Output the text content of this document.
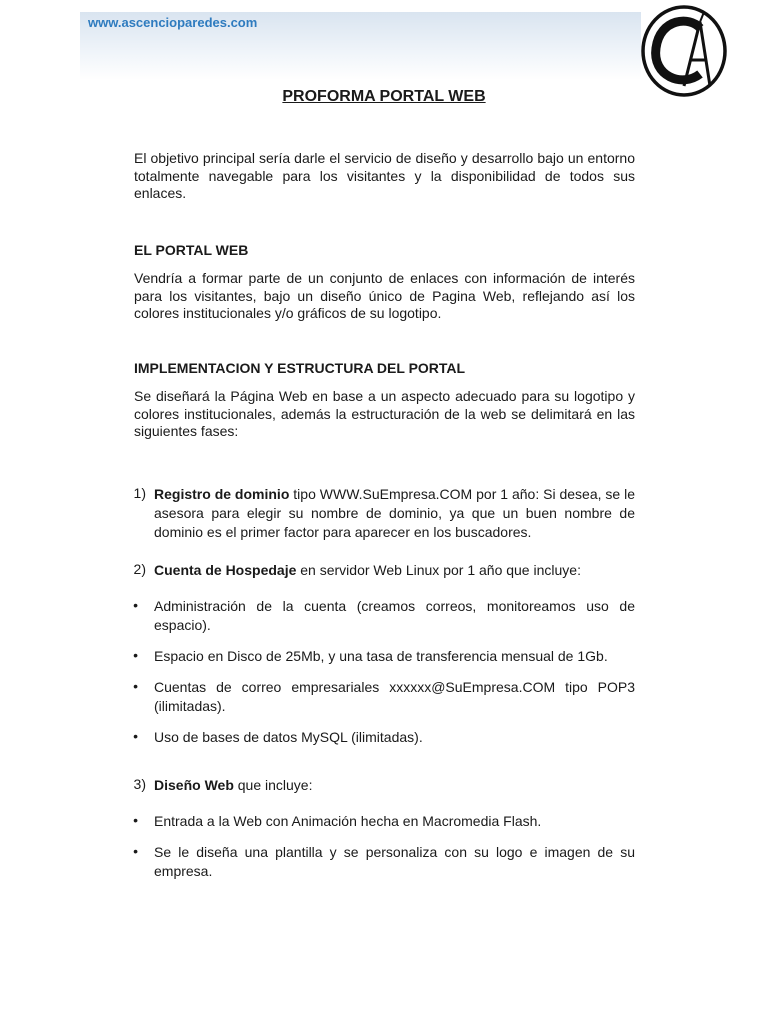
www.ascencioparedes.com
PROFORMA PORTAL WEB

El objetivo principal sería darle el servicio de diseño y desarrollo bajo un entorno totalmente navegable para los visitantes y la disponibilidad de todos sus enlaces.

EL PORTAL WEB

Vendría a formar parte de un conjunto de enlaces con información de interés para los visitantes, bajo un diseño único de Pagina Web, reflejando así los colores institucionales y/o gráficos de su logotipo.

IMPLEMENTACION Y ESTRUCTURA DEL PORTAL

Se diseñará la Página Web en base a un aspecto adecuado para su logotipo y colores institucionales, además la estructuración de la web se delimitará en las siguientes fases:

1) Registro de dominio tipo WWW.SuEmpresa.COM por 1 año: Si desea, se le asesora para elegir su nombre de dominio, ya que un buen nombre de dominio es el primer factor para aparecer en los buscadores.
2) Cuenta de Hospedaje en servidor Web Linux por 1 año que incluye:
•	Administración de la cuenta (creamos correos, monitoreamos uso de espacio).
•	Espacio en Disco de 25Mb, y una tasa de transferencia mensual de 1Gb.
•	Cuentas de correo empresariales xxxxxx@SuEmpresa.COM tipo POP3 (ilimitadas).
•	Uso de bases de datos MySQL (ilimitadas).
3) Diseño Web que incluye:
•	Entrada a la Web con Animación hecha en Macromedia Flash.
•	Se le diseña una plantilla y se personaliza con su logo e imagen de su empresa.
